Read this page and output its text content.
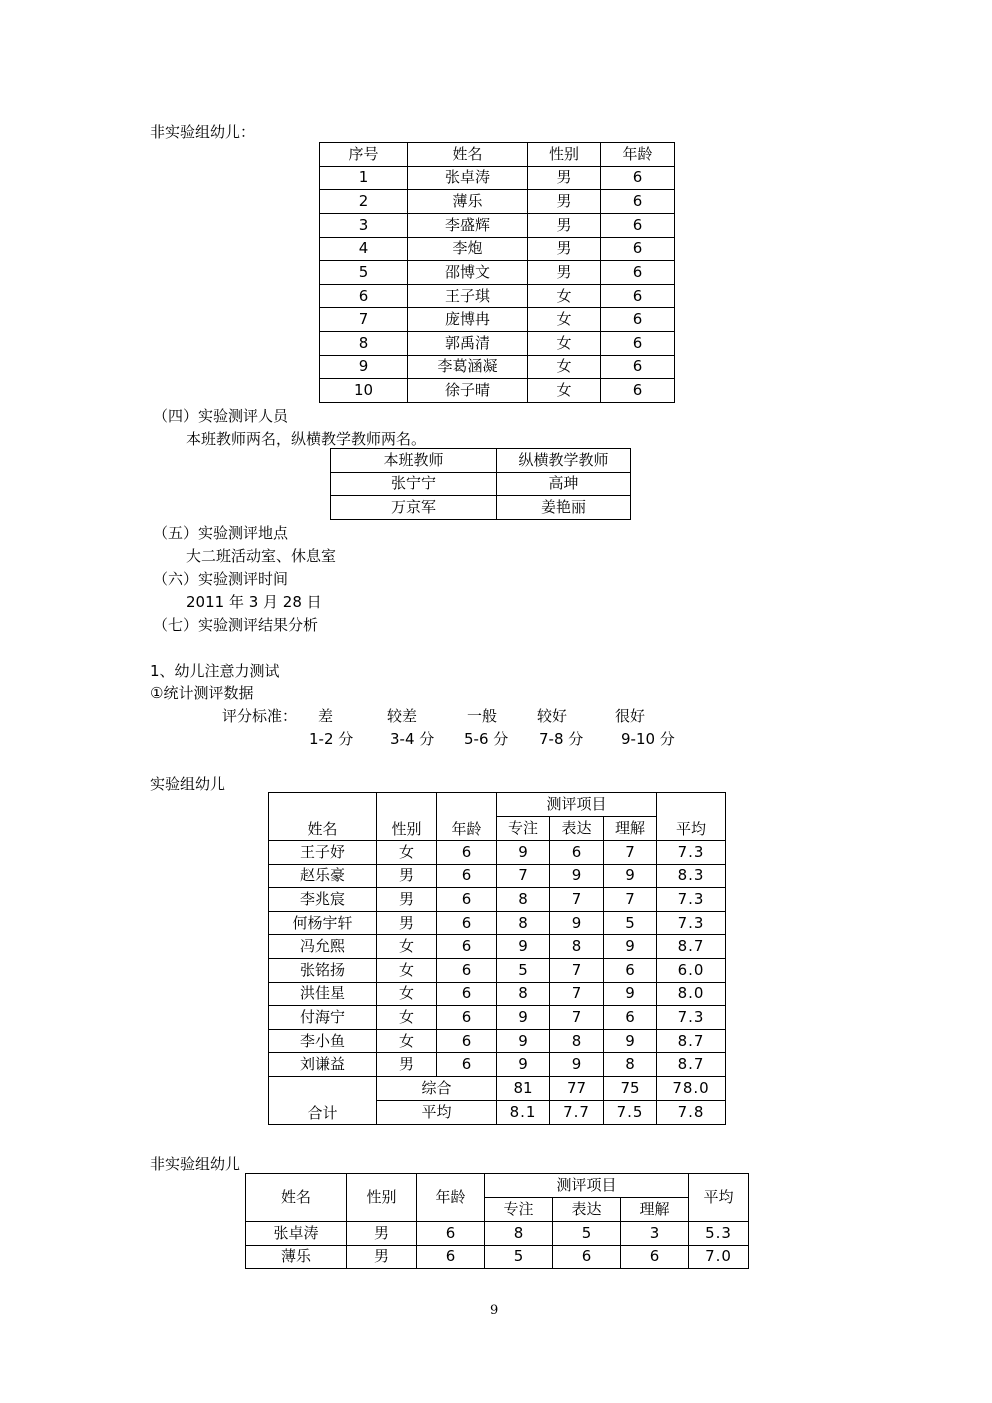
非实验组幼儿：
序号	姓名	性别	年龄
1	张卓涛	男	6
2	薄乐	男	6
3	李盛辉	男	6
4	李炮	男	6
5	邵博文	男	6
6	王子琪	女	6
7	庞博冉	女	6
8	郭禹清	女	6
9	李葛涵凝	女	6
10	徐子晴	女	6
（四）实验测评人员
本班教师两名，纵横教学教师两名。
本班教师	纵横教学教师
张宁宁	高珅
万京军	姜艳丽
（五）实验测评地点
大二班活动室、休息室
（六）实验测评时间
2011 年 3 月 28 日
（七）实验测评结果分析
1、幼儿注意力测试
①统计测评数据
评分标准： 差	较差	一般	较好	很好
1-2 分 3-4 分 5-6 分 7-8 分	9-10 分
实验组幼儿
姓名	性别	年龄	测评项目			平均
			专注	表达	理解	
王子妤	女	6	9	6	7	7.3
赵乐豪	男	6	7	9	9	8.3
李兆宸	男	6	8	7	7	7.3
何杨宇轩	男	6	8	9	5	7.3
冯允熙	女	6	9	8	9	8.7
张铭扬	女	6	5	7	6	6.0
洪佳星	女	6	8	7	9	8.0
付海宁	女	6	9	7	6	7.3
李小鱼	女	6	9	8	9	8.7
刘谦益	男	6	9	9	8	8.7
合计	综合		81	77	75	78.0
	平均		8.1	7.7	7.5	7.8
非实验组幼儿
姓名	性别	年龄	测评项目			平均
			专注	表达	理解	
张卓涛	男	6	8	5	3	5.3
薄乐	男	6	5	6	6	7.0
9
